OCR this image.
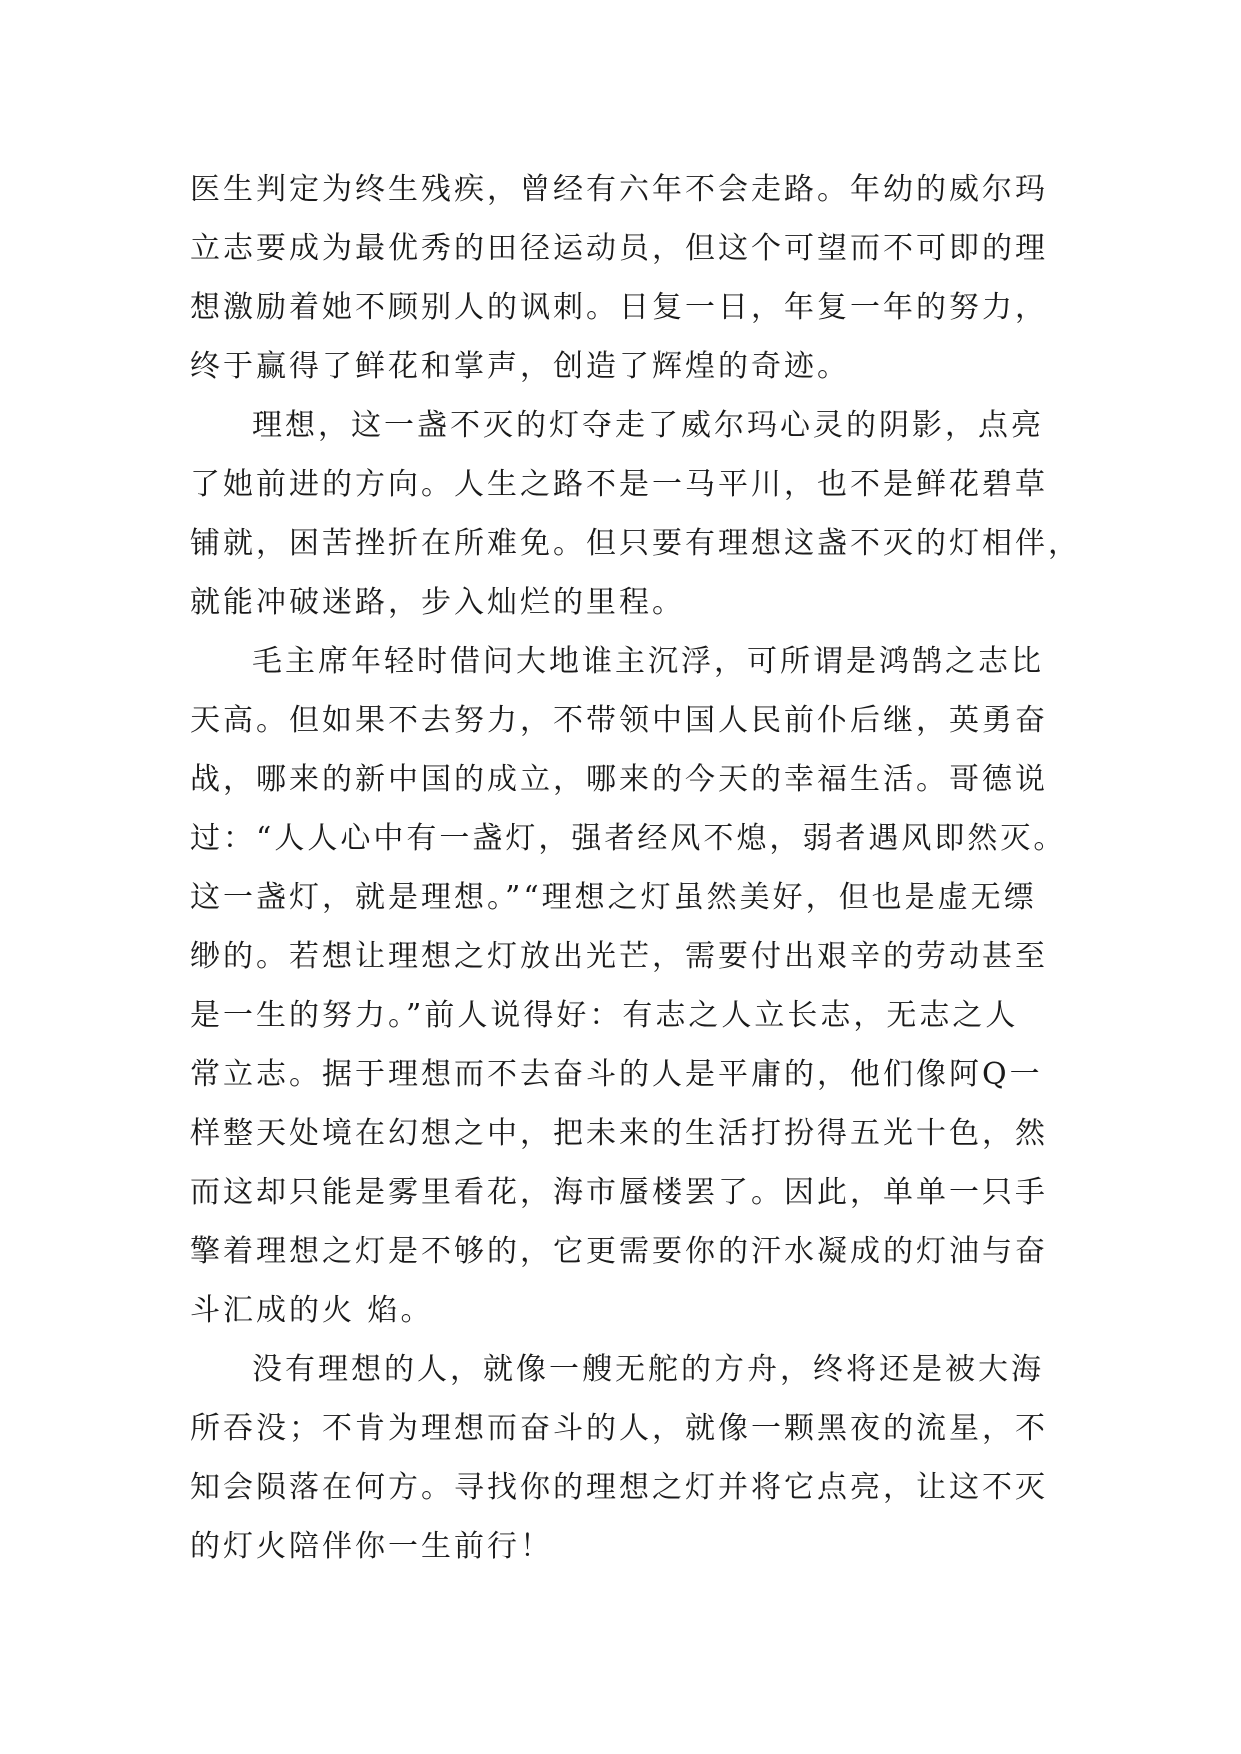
医生判定为终生残疾，曾经有六年不会走路。年幼的威尔玛
立志要成为最优秀的田径运动员，但这个可望而不可即的理
想激励着她不顾别人的讽刺。日复一日，年复一年的努力，
终于赢得了鲜花和掌声，创造了辉煌的奇迹。
理想，这一盏不灭的灯夺走了威尔玛心灵的阴影，点亮
了她前进的方向。人生之路不是一马平川，也不是鲜花碧草
铺就，困苦挫折在所难免。但只要有理想这盏不灭的灯相伴，
就能冲破迷路，步入灿烂的里程。
毛主席年轻时借问大地谁主沉浮，可所谓是鸿鹄之志比
天高。但如果不去努力，不带领中国人民前仆后继，英勇奋
战，哪来的新中国的成立，哪来的今天的幸福生活。哥德说
过：“人人心中有一盏灯，强者经风不熄，弱者遇风即然灭。
这一盏灯，就是理想。”“理想之灯虽然美好，但也是虚无缥
缈的。若想让理想之灯放出光芒，需要付出艰辛的劳动甚至
是一生的努力。”前人说得好：有志之人立长志，无志之人
常立志。据于理想而不去奋斗的人是平庸的，他们像阿Q一
样整天处境在幻想之中，把未来的生活打扮得五光十色，然
而这却只能是雾里看花，海市蜃楼罢了。因此，单单一只手
擎着理想之灯是不够的，它更需要你的汗水凝成的灯油与奋
斗汇成的火 焰。
没有理想的人，就像一艘无舵的方舟，终将还是被大海
所吞没；不肯为理想而奋斗的人，就像一颗黑夜的流星，不
知会陨落在何方。寻找你的理想之灯并将它点亮，让这不灭
的灯火陪伴你一生前行！
